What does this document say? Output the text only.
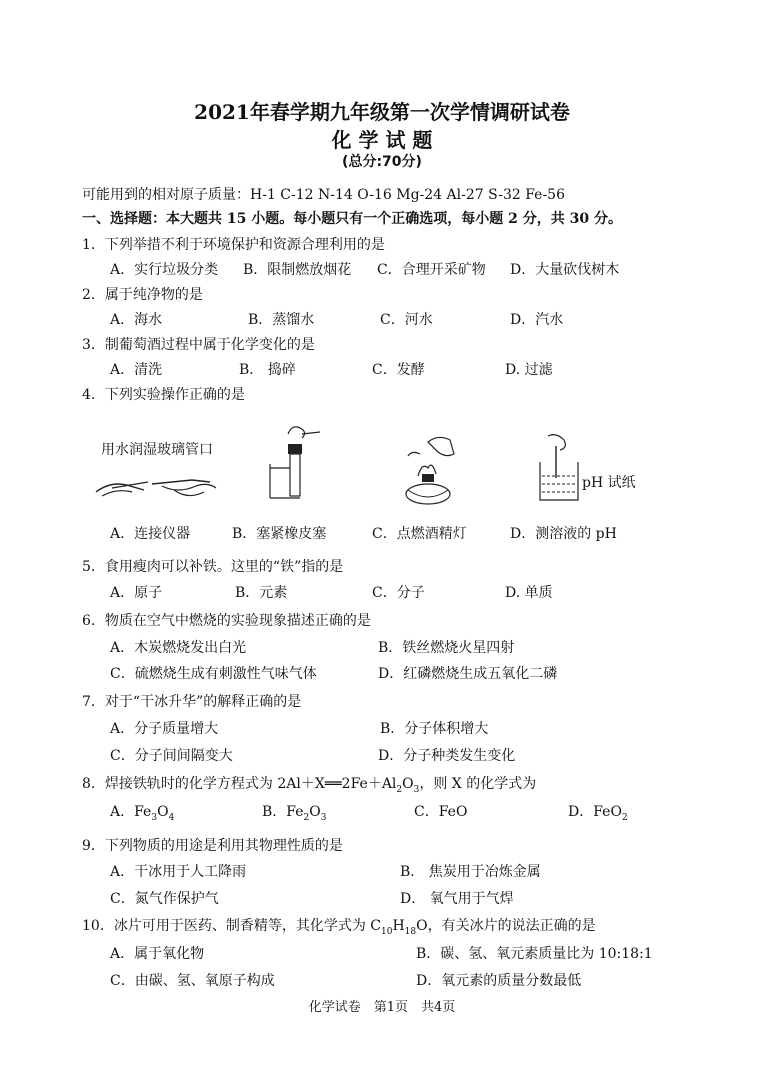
2021年春学期九年级第一次学情调研试卷
化 学 试 题
(总分:70分)
可能用到的相对原子质量：H-1 C-12 N-14 O-16 Mg-24 Al-27 S-32 Fe-56
一、选择题：本大题共 15 小题。每小题只有一个正确选项，每小题 2 分，共 30 分。
1．下列举措不利于环境保护和资源合理利用的是
A．实行垃圾分类 B．限制燃放烟花 C．合理开采矿物 D．大量砍伐树木
2．属于纯净物的是
A．海水	B．蒸馏水	C．河水	D．汽水
3．制葡萄酒过程中属于化学变化的是
A．清洗	B． 捣碎	C．发酵	D. 过滤
4．下列实验操作正确的是
用水润湿玻璃管口
pH 试纸
A．连接仪器	B．塞紧橡皮塞	C．点燃酒精灯	D．测溶液的 pH
5．食用瘦肉可以补铁。这里的“铁”指的是
A．原子	B．元素	C．分子	D. 单质
6．物质在空气中燃烧的实验现象描述正确的是
A．木炭燃烧发出白光	B．铁丝燃烧火星四射
C．硫燃烧生成有刺激性气味气体	D．红磷燃烧生成五氧化二磷
7．对于“干冰升华”的解释正确的是
A．分子质量增大	B．分子体积增大
C．分子间间隔变大	D．分子种类发生变化
8．焊接铁轨时的化学方程式为 $2Al+X══2Fe+Al_2O_3$，则 X 的化学式为
A．$Fe_3O_4$	B．$Fe_2O_3$	C．FeO	D．FeO$_2$
9．下列物质的用途是利用其物理性质的是
A．干冰用于人工降雨	B． 焦炭用于冶炼金属
C．氮气作保护气	D． 氧气用于气焊
10．冰片可用于医药、制香精等，其化学式为 $C_{10}H_{18}O$，有关冰片的说法正确的是
A．属于氧化物	B．碳、氢、氧元素质量比为 10:18:1
C．由碳、氢、氧原子构成	D．氧元素的质量分数最低
化学试卷　第1页　共4页
